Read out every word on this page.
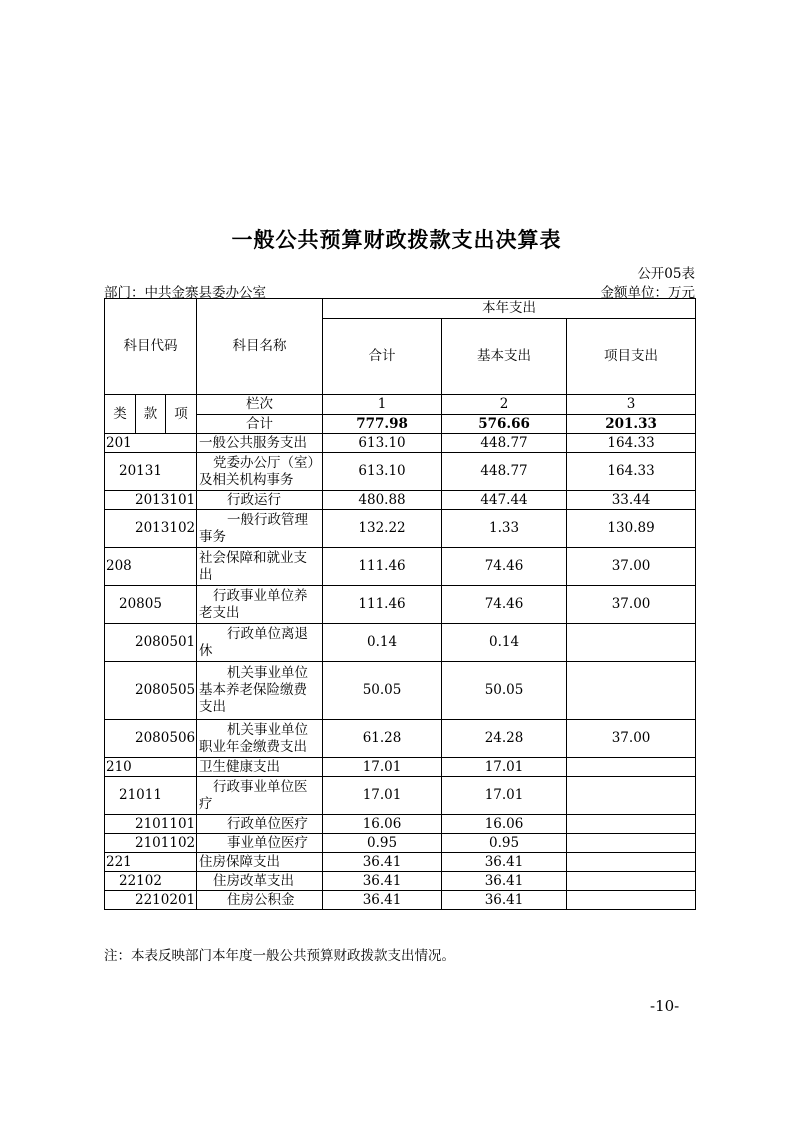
一般公共预算财政拨款支出决算表
公开05表
部门：中共金寨县委办公室	金额单位：万元
科目代码			科目名称	本年支出		
				合计	基本支出	项目支出
类	款	项	栏次	1	2	3
			合计	777.98	576.66	201.33
201			一般公共服务支出	613.10	448.77	164.33
20131			党委办公厅（室）及相关机构事务	613.10	448.77	164.33
2013101			行政运行	480.88	447.44	33.44
2013102			一般行政管理事务	132.22	1.33	130.89
208			社会保障和就业支出	111.46	74.46	37.00
20805			行政事业单位养老支出	111.46	74.46	37.00
2080501			行政单位离退休	0.14	0.14	
2080505			机关事业单位基本养老保险缴费支出	50.05	50.05	
2080506			机关事业单位职业年金缴费支出	61.28	24.28	37.00
210			卫生健康支出	17.01	17.01	
21011			行政事业单位医疗	17.01	17.01	
2101101			行政单位医疗	16.06	16.06	
2101102			事业单位医疗	0.95	0.95	
221			住房保障支出	36.41	36.41	
22102			住房改革支出	36.41	36.41	
2210201			住房公积金	36.41	36.41	
注：本表反映部门本年度一般公共预算财政拨款支出情况。
-10-
